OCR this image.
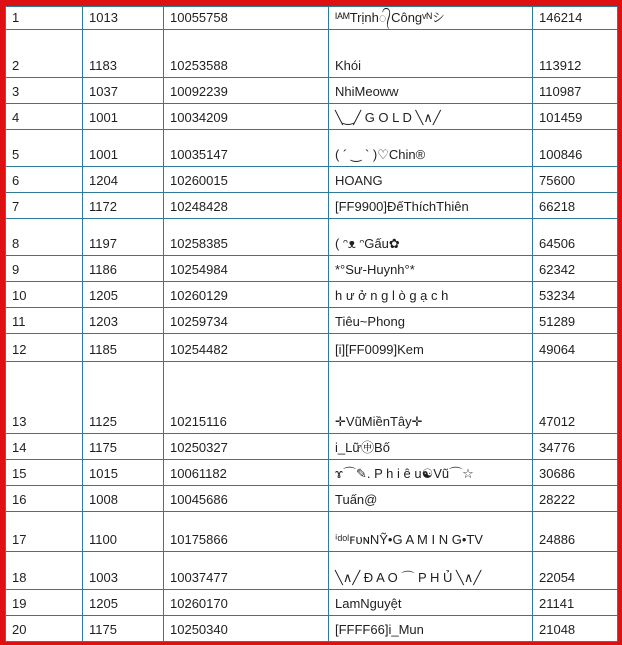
1	1013	10055758	ᴵᴬᴹTrịnh᭄Côngᵛᴺシ	146214
2	1183	10253588	Khói	113912
3	1037	10092239	NhiMeoww	110987
4	1001	10034209	╲‿╱ G O L D ╲∧╱	101459
5	1001	10035147	( ´ ‿ ` )♡Chin®	100846
6	1204	10260015	HOANG	75600
7	1172	10248428	[FF9900]ĐếThíchThiên	66218
8	1197	10258385	( ᵔᴥ ᵔGấu✿	64506
9	1186	10254984	*°Sư-Huynh°*	62342
10	1205	10260129	h ư ở n g l ò g ạ c h	53234
11	1203	10259734	Tiêu~Phong	51289
12	1185	10254482	[i][FF0099]Kem	49064
13	1125	10215116	✛VũMiềnTây✛	47012
14	1175	10250327	i_Lữ㊥Bố	34776
15	1015	10061182	ɤ⌒✎. P h i ê u☯Vũ⌒☆	30686
16	1008	10045686	Tuấn@	28222
17	1100	10175866	ⁱᵈᵒˡꜰᴜɴNỸ•G A M I N G•TV	24886
18	1003	10037477	╲∧╱ Đ A O ⌒ P H Ủ ╲∧╱	22054
19	1205	10260170	LamNguyệt	21141
20	1175	10250340	[FFFF66]i_Mun	21048
